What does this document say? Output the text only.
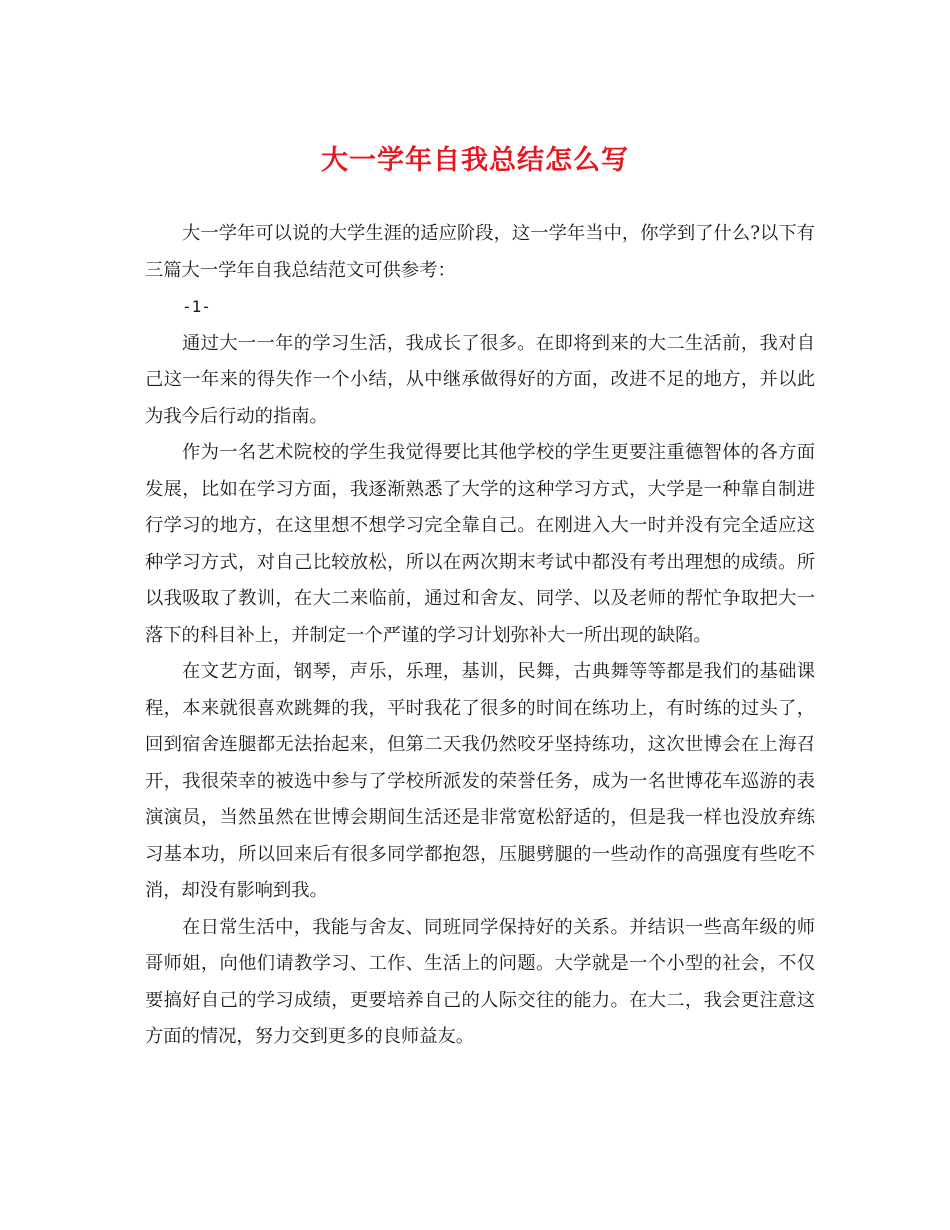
大一学年自我总结怎么写

大一学年可以说的大学生涯的适应阶段，这一学年当中，你学到了什么?以下有三篇大一学年自我总结范文可供参考：

-1-

通过大一一年的学习生活，我成长了很多。在即将到来的大二生活前，我对自己这一年来的得失作一个小结，从中继承做得好的方面，改进不足的地方，并以此为我今后行动的指南。

作为一名艺术院校的学生我觉得要比其他学校的学生更要注重德智体的各方面发展，比如在学习方面，我逐渐熟悉了大学的这种学习方式，大学是一种靠自制进行学习的地方，在这里想不想学习完全靠自己。在刚进入大一时并没有完全适应这种学习方式，对自己比较放松，所以在两次期末考试中都没有考出理想的成绩。所以我吸取了教训，在大二来临前，通过和舍友、同学、以及老师的帮忙争取把大一落下的科目补上，并制定一个严谨的学习计划弥补大一所出现的缺陷。

在文艺方面，钢琴，声乐，乐理，基训，民舞，古典舞等等都是我们的基础课程，本来就很喜欢跳舞的我，平时我花了很多的时间在练功上，有时练的过头了，回到宿舍连腿都无法抬起来，但第二天我仍然咬牙坚持练功，这次世博会在上海召开，我很荣幸的被选中参与了学校所派发的荣誉任务，成为一名世博花车巡游的表演演员，当然虽然在世博会期间生活还是非常宽松舒适的，但是我一样也没放弃练习基本功，所以回来后有很多同学都抱怨，压腿劈腿的一些动作的高强度有些吃不消，却没有影响到我。

在日常生活中，我能与舍友、同班同学保持好的关系。并结识一些高年级的师哥师姐，向他们请教学习、工作、生活上的问题。大学就是一个小型的社会，不仅要搞好自己的学习成绩，更要培养自己的人际交往的能力。在大二，我会更注意这方面的情况，努力交到更多的良师益友。
